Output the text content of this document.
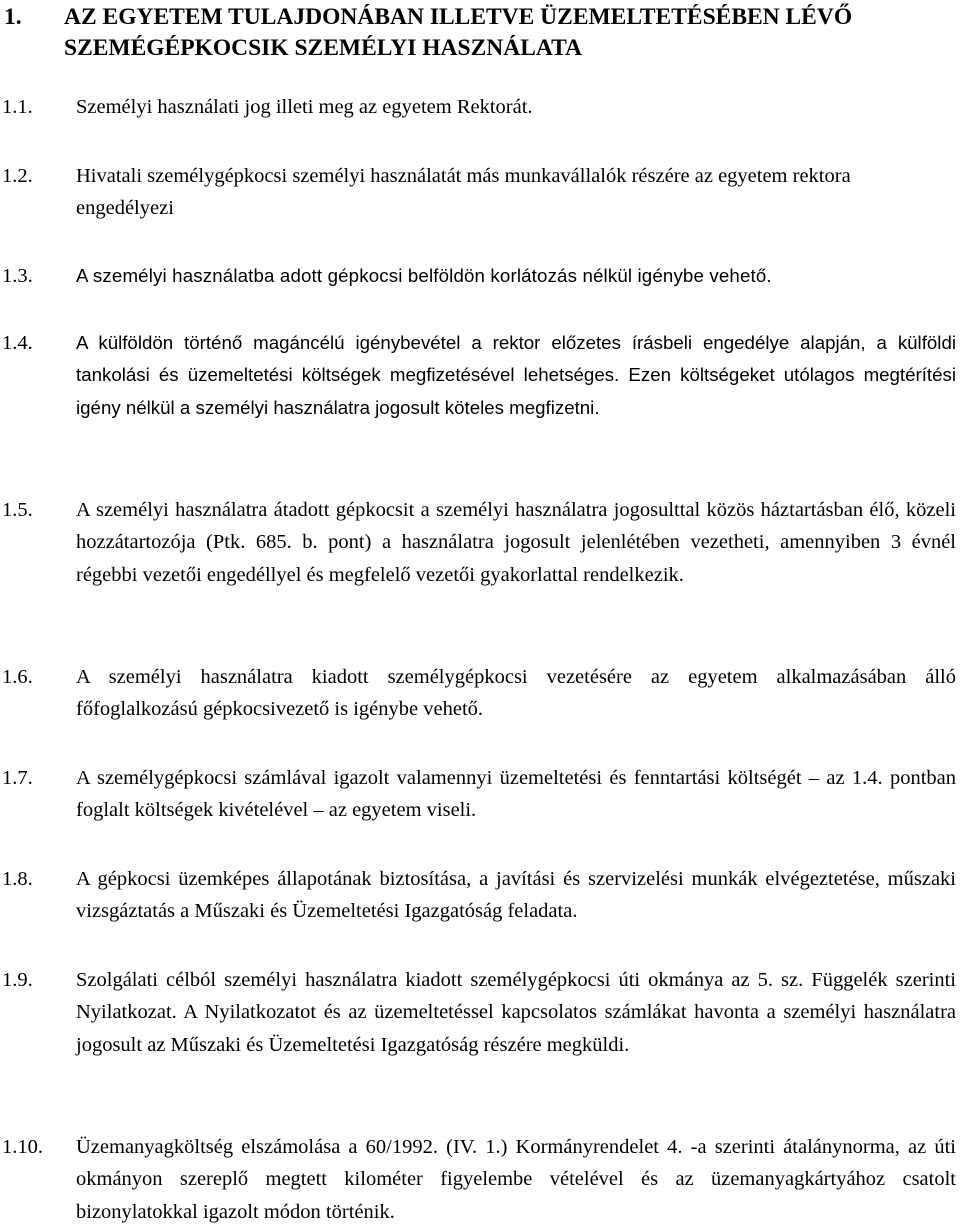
1. AZ EGYETEM TULAJDONÁBAN ILLETVE ÜZEMELTETÉSÉBEN LÉVŐ SZEMÉGÉPKOCSIK SZEMÉLYI HASZNÁLATA
1.1. Személyi használati jog illeti meg az egyetem Rektorát.
1.2. Hivatali személygépkocsi személyi használatát más munkavállalók részére az egyetem rektora engedélyezi
1.3. A személyi használatba adott gépkocsi belföldön korlátozás nélkül igénybe vehető.
1.4. A külföldön történő magáncélú igénybevétel a rektor előzetes írásbeli engedélye alapján, a külföldi tankolási és üzemeltetési költségek megfizetésével lehetséges. Ezen költségeket utólagos megtérítési igény nélkül a személyi használatra jogosult köteles megfizetni.
1.5. A személyi használatra átadott gépkocsit a személyi használatra jogosulttal közös háztartásban élő, közeli hozzátartozója (Ptk. 685. b. pont) a használatra jogosult jelenlétében vezetheti, amennyiben 3 évnél régebbi vezetői engedéllyel és megfelelő vezetői gyakorlattal rendelkezik.
1.6. A személyi használatra kiadott személygépkocsi vezetésére az egyetem alkalmazásában álló főfoglalkozású gépkocsivezető is igénybe vehető.
1.7. A személygépkocsi számlával igazolt valamennyi üzemeltetési és fenntartási költségét – az 1.4. pontban foglalt költségek kivételével – az egyetem viseli.
1.8. A gépkocsi üzemképes állapotának biztosítása, a javítási és szervizelési munkák elvégeztetése, műszaki vizsgáztatás a Műszaki és Üzemeltetési Igazgatóság feladata.
1.9. Szolgálati célból személyi használatra kiadott személygépkocsi úti okmánya az 5. sz. Függelék szerinti Nyilatkozat. A Nyilatkozatot és az üzemeltetéssel kapcsolatos számlákat havonta a személyi használatra jogosult az Műszaki és Üzemeltetési Igazgatóság részére megküldi.
1.10. Üzemanyagköltség elszámolása a 60/1992. (IV. 1.) Kormányrendelet 4. -a szerinti átalánynorma, az úti okmányon szereplő megtett kilométer figyelembe vételével és az üzemanyagkártyához csatolt bizonylatokkal igazolt módon történik.
